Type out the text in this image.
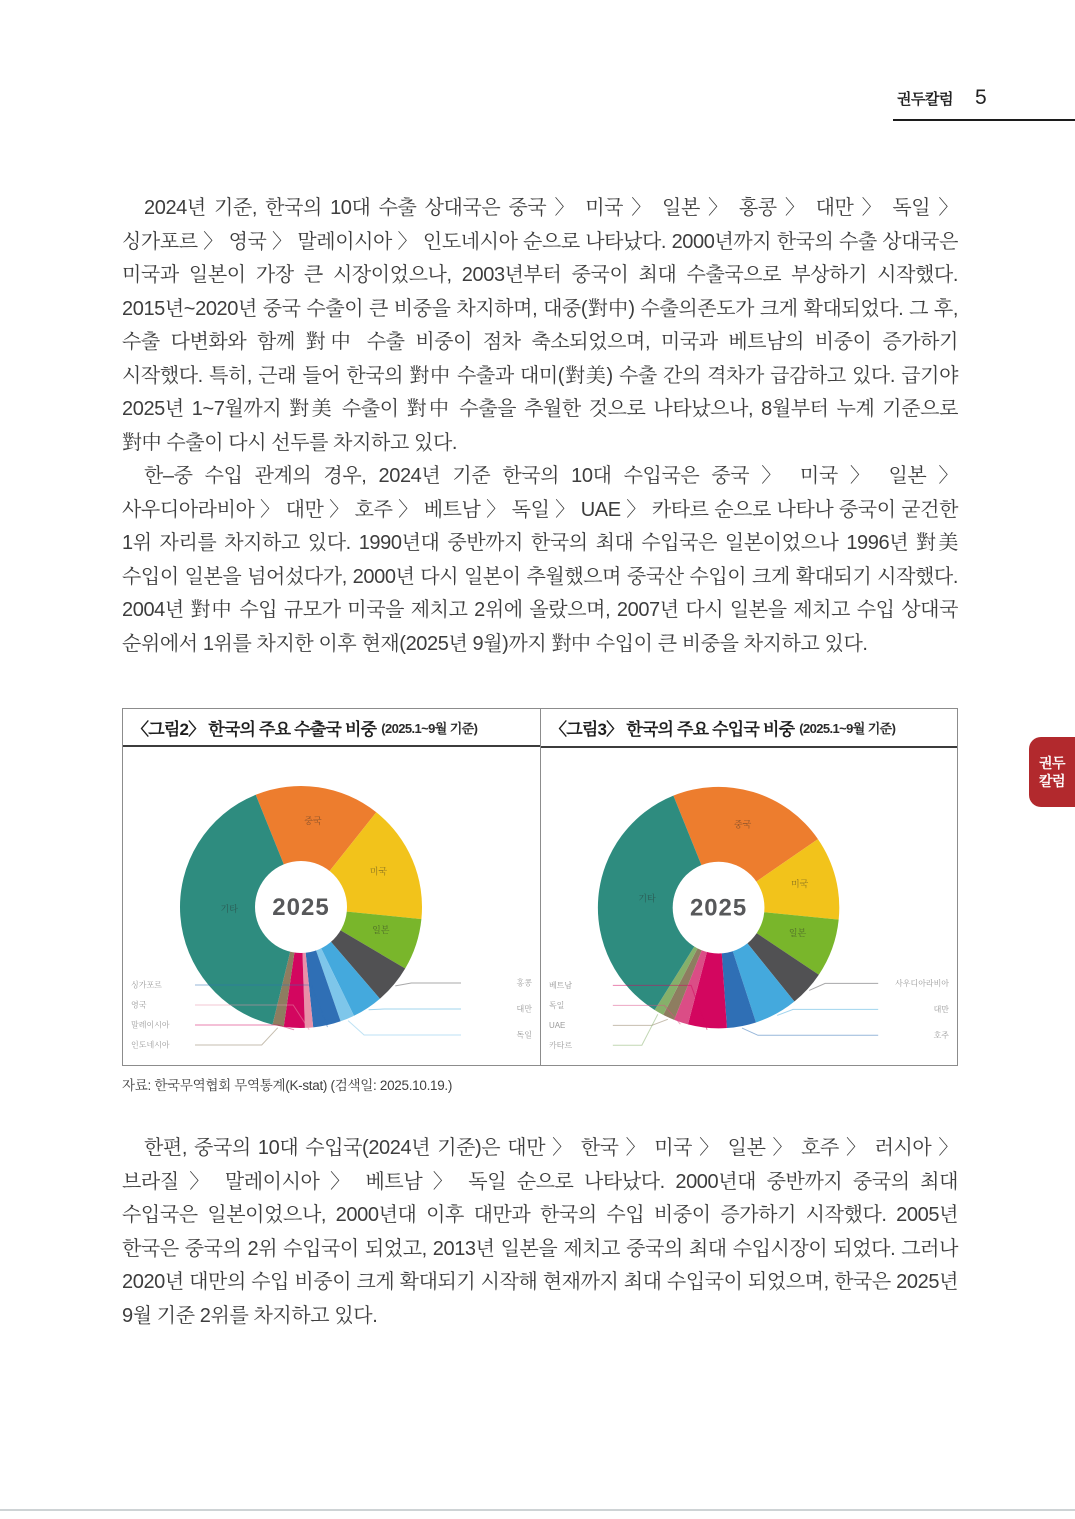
권두칼럼 5

2024년 기준, 한국의 10대 수출 상대국은 중국 〉 미국 〉 일본 〉 홍콩 〉 대만 〉 독일 〉 싱가포르 〉 영국 〉 말레이시아 〉 인도네시아 순으로 나타났다. 2000년까지 한국의 수출 상대국은 미국과 일본이 가장 큰 시장이었으나, 2003년부터 중국이 최대 수출국으로 부상하기 시작했다. 2015년~2020년 중국 수출이 큰 비중을 차지하며, 대중(對中) 수출의존도가 크게 확대되었다. 그 후, 수출 다변화와 함께 對中 수출 비중이 점차 축소되었으며, 미국과 베트남의 비중이 증가하기 시작했다. 특히, 근래 들어 한국의 對中 수출과 대미(對美) 수출 간의 격차가 급감하고 있다. 급기야 2025년 1~7월까지 對美 수출이 對中 수출을 추월한 것으로 나타났으나, 8월부터 누계 기준으로 對中 수출이 다시 선두를 차지하고 있다.

한–중 수입 관계의 경우, 2024년 기준 한국의 10대 수입국은 중국 〉 미국 〉 일본 〉 사우디아라비아 〉 대만 〉 호주 〉 베트남 〉 독일 〉 UAE 〉 카타르 순으로 나타나 중국이 굳건한 1위 자리를 차지하고 있다. 1990년대 중반까지 한국의 최대 수입국은 일본이었으나 1996년 對美 수입이 일본을 넘어섰다가, 2000년 다시 일본이 추월했으며 중국산 수입이 크게 확대되기 시작했다. 2004년 對中 수입 규모가 미국을 제치고 2위에 올랐으며, 2007년 다시 일본을 제치고 수입 상대국 순위에서 1위를 차지한 이후 현재(2025년 9월)까지 對中 수입이 큰 비중을 차지하고 있다.

〈그림2〉 한국의 주요 수출국 비중 (2025.1~9월 기준)
중국
미국
일본
기타
싱가포르
영국
말레이시아
인도네시아
홍콩
대만
독일
2025
〈그림3〉 한국의 주요 수입국 비중 (2025.1~9월 기준)
중국
미국
일본
기타
베트남
독일
UAE
카타르
사우디아라비아
대만
호주
2025
자료: 한국무역협회 무역통계(K-stat) (검색일: 2025.10.19.)

한편, 중국의 10대 수입국(2024년 기준)은 대만 〉 한국 〉 미국 〉 일본 〉 호주 〉 러시아 〉 브라질 〉 말레이시아 〉 베트남 〉 독일 순으로 나타났다. 2000년대 중반까지 중국의 최대 수입국은 일본이었으나, 2000년대 이후 대만과 한국의 수입 비중이 증가하기 시작했다. 2005년 한국은 중국의 2위 수입국이 되었고, 2013년 일본을 제치고 중국의 최대 수입시장이 되었다. 그러나 2020년 대만의 수입 비중이 크게 확대되기 시작해 현재까지 최대 수입국이 되었으며, 한국은 2025년 9월 기준 2위를 차지하고 있다.

권두
칼럼
